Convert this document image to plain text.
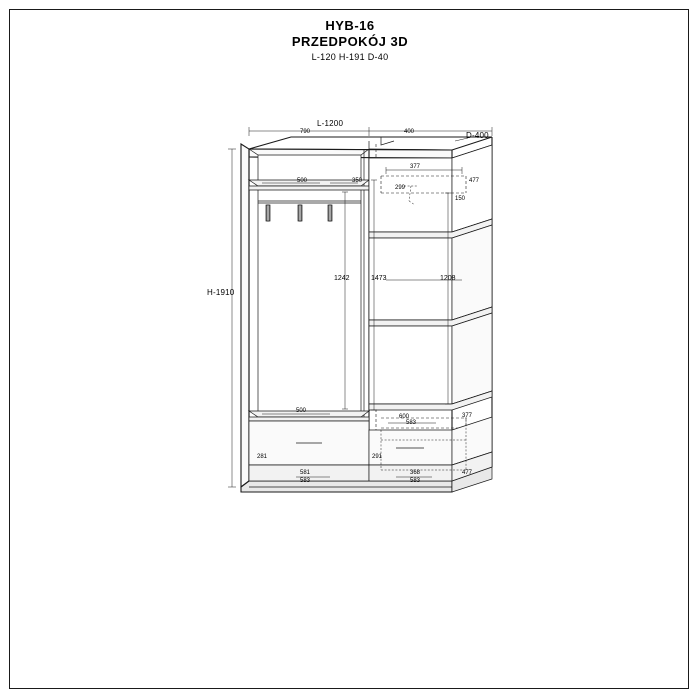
HYB-16
PRZEDPOKÓJ 3D
L-120 H-191 D-40
L-1200
D-400
H-1910
790	400
500	350
377
299
477
150
1242	1473	1208
500
600	377
583
281	291
581	368	477
583	583
